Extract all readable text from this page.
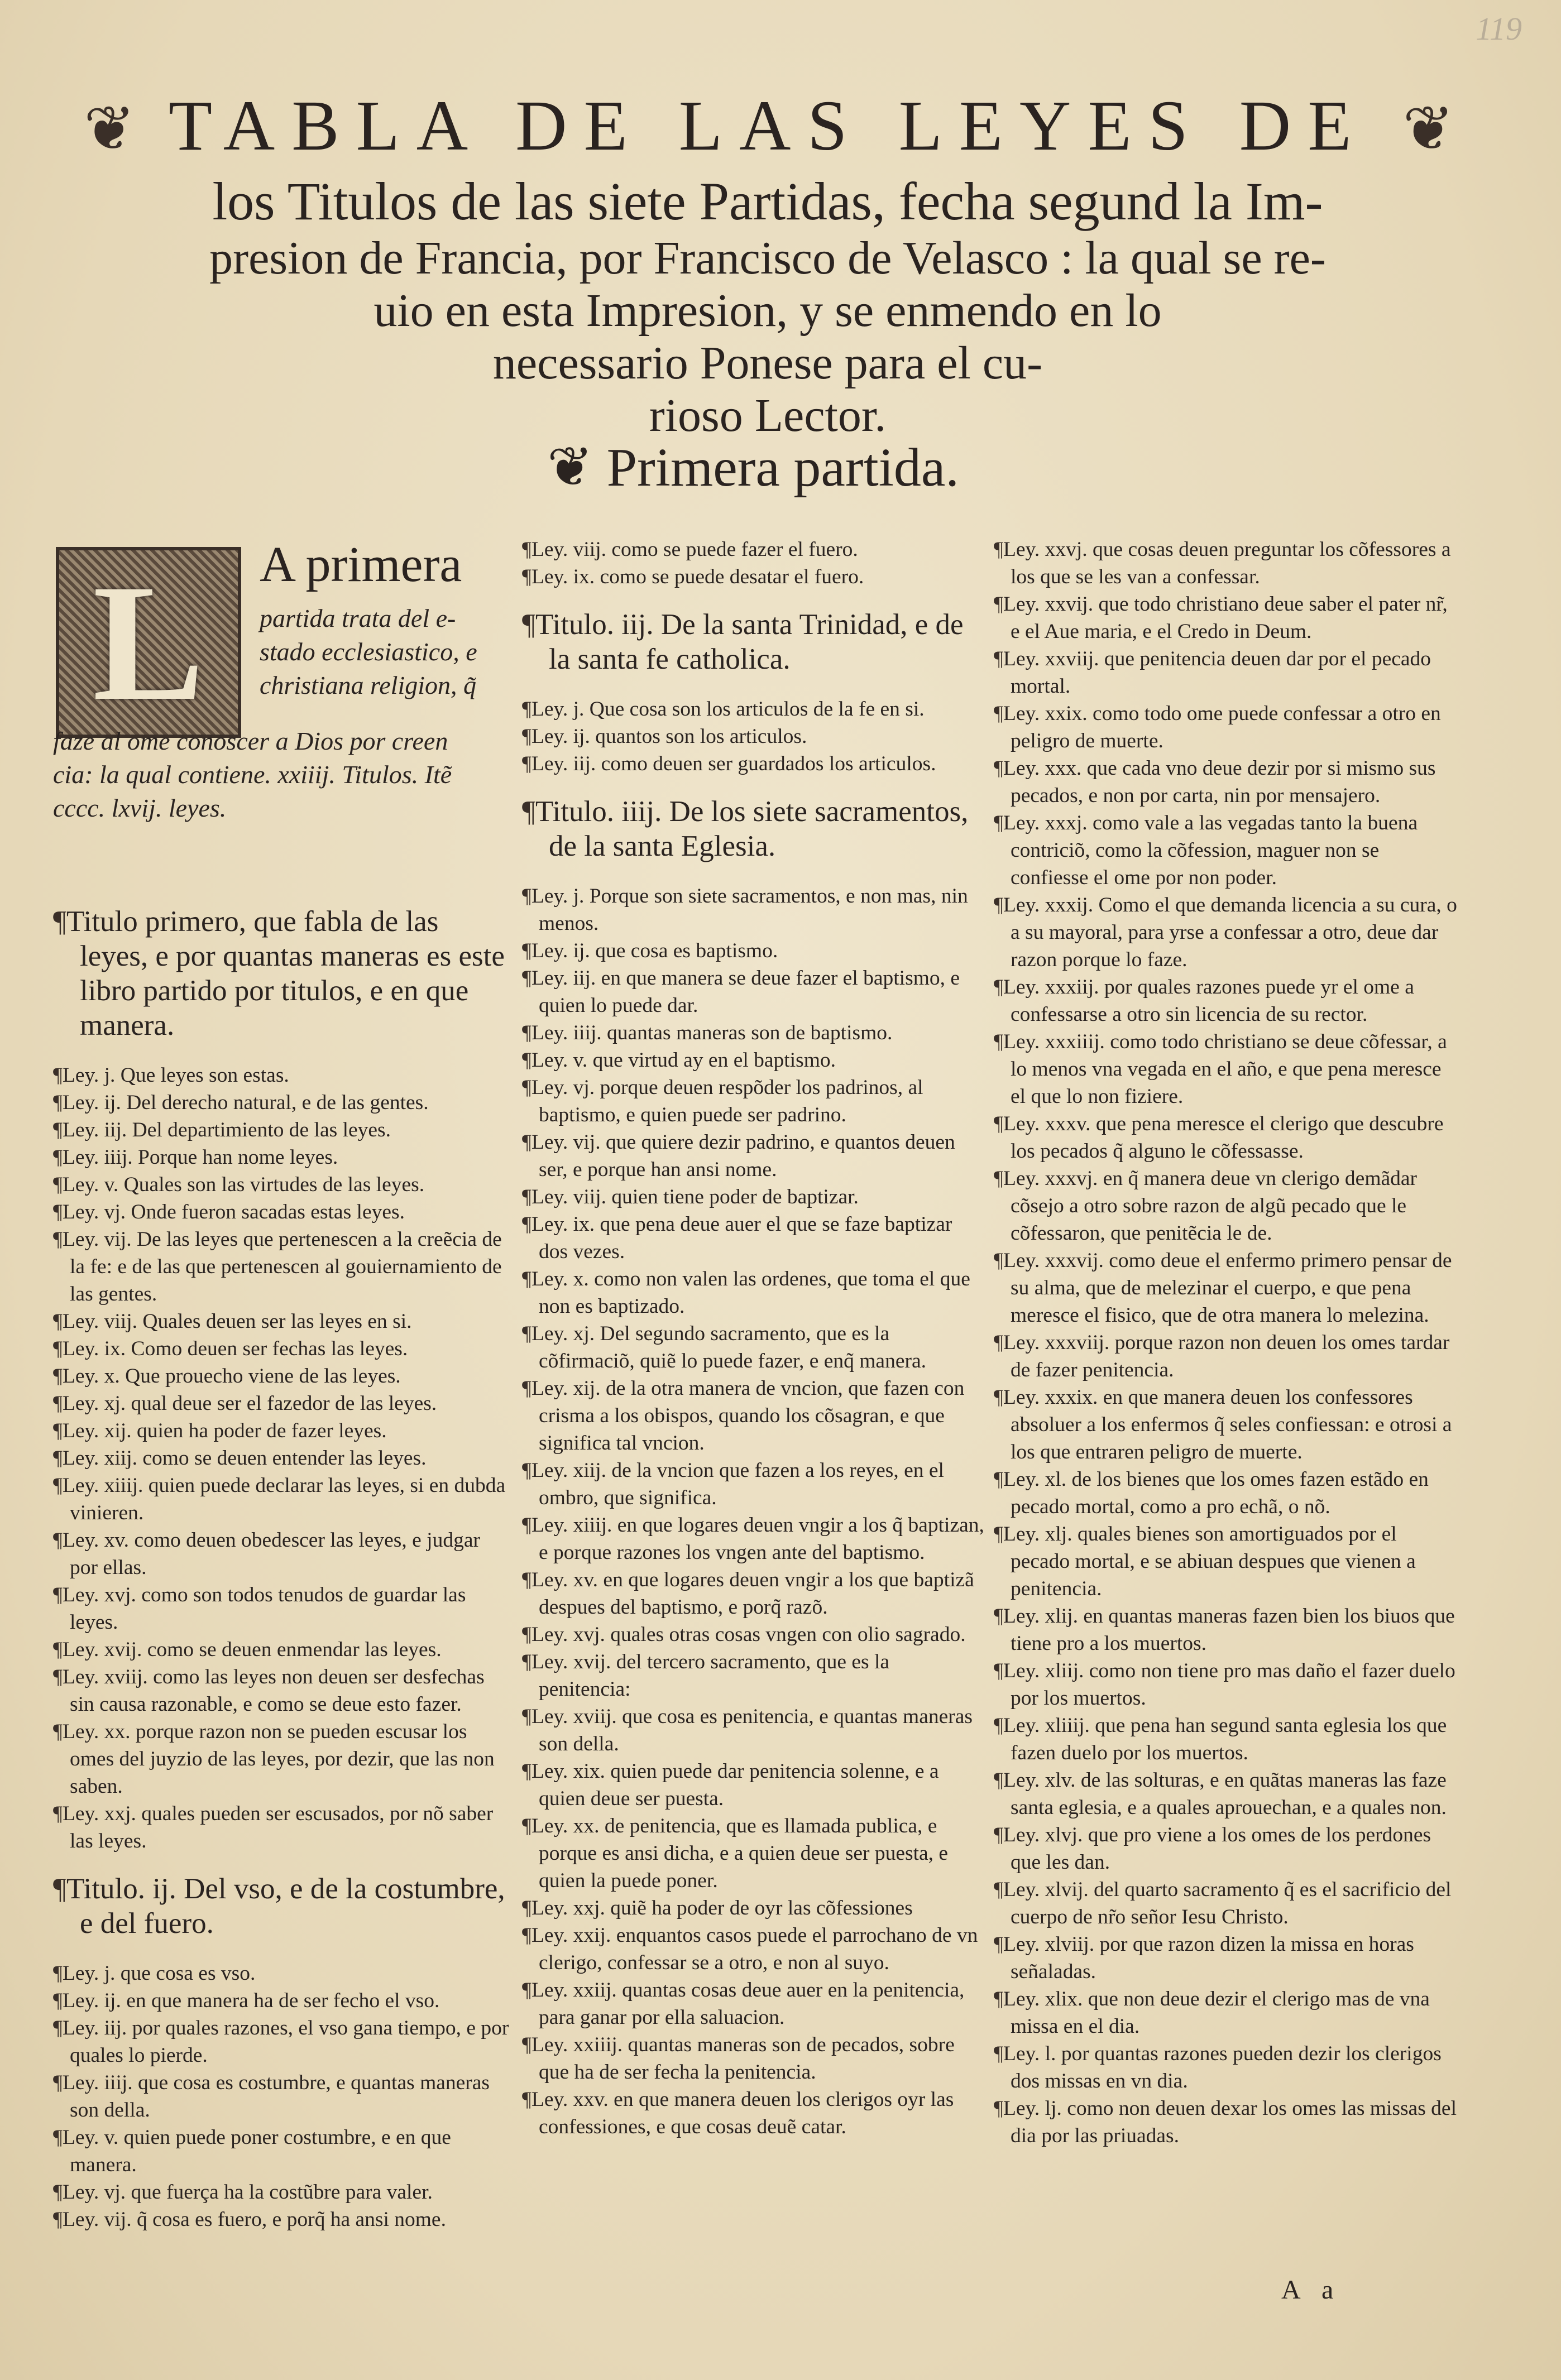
119
❦ TABLA DE LAS LEYES DE ❦
los Titulos de las siete Partidas, fecha segund la Im-
presion de Francia, por Francisco de Velasco : la qual se re-
uio en esta Impresion, y se enmendo en lo
necessario Ponese para el cu-
rioso Lector.
❦ Primera partida.
L A primera
partida trata del e-
stado ecclesiastico, e
christiana religion, q̃
faze al ome conoscer a Dios por creen
cia: la qual contiene. xxiiij. Titulos. Itẽ
cccc. lxvij. leyes.

¶Titulo primero, que fabla de las leyes, e por quantas maneras es este libro partido por titulos, e en que manera.

¶Ley. j. Que leyes son estas.

¶Ley. ij. Del derecho natural, e de las gentes.

¶Ley. iij. Del departimiento de las leyes.

¶Ley. iiij. Porque han nome leyes.

¶Ley. v. Quales son las virtudes de las leyes.

¶Ley. vj. Onde fueron sacadas estas leyes.

¶Ley. vij. De las leyes que pertenescen a la creẽcia de la fe: e de las que pertenescen al gouiernamiento de las gentes.

¶Ley. viij. Quales deuen ser las leyes en si.

¶Ley. ix. Como deuen ser fechas las leyes.

¶Ley. x. Que prouecho viene de las leyes.

¶Ley. xj. qual deue ser el fazedor de las leyes.

¶Ley. xij. quien ha poder de fazer leyes.

¶Ley. xiij. como se deuen entender las leyes.

¶Ley. xiiij. quien puede declarar las leyes, si en dubda vinieren.

¶Ley. xv. como deuen obedescer las leyes, e judgar por ellas.

¶Ley. xvj. como son todos tenudos de guardar las leyes.

¶Ley. xvij. como se deuen enmendar las leyes.

¶Ley. xviij. como las leyes non deuen ser desfechas sin causa razonable, e como se deue esto fazer.

¶Ley. xx. porque razon non se pueden escusar los omes del juyzio de las leyes, por dezir, que las non saben.

¶Ley. xxj. quales pueden ser escusados, por nõ saber las leyes.

¶Titulo. ij. Del vso, e de la costumbre, e del fuero.

¶Ley. j. que cosa es vso.

¶Ley. ij. en que manera ha de ser fecho el vso.

¶Ley. iij. por quales razones, el vso gana tiempo, e por quales lo pierde.

¶Ley. iiij. que cosa es costumbre, e quantas maneras son della.

¶Ley. v. quien puede poner costumbre, e en que manera.

¶Ley. vj. que fuerça ha la costũbre para valer.

¶Ley. vij. q̃ cosa es fuero, e porq̃ ha ansi nome.

¶Ley. viij. como se puede fazer el fuero.

¶Ley. ix. como se puede desatar el fuero.

¶Titulo. iij. De la santa Trinidad, e de la santa fe catholica.

¶Ley. j. Que cosa son los articulos de la fe en si.

¶Ley. ij. quantos son los articulos.

¶Ley. iij. como deuen ser guardados los articulos.

¶Titulo. iiij. De los siete sacramentos, de la santa Eglesia.

¶Ley. j. Porque son siete sacramentos, e non mas, nin menos.

¶Ley. ij. que cosa es baptismo.

¶Ley. iij. en que manera se deue fazer el baptismo, e quien lo puede dar.

¶Ley. iiij. quantas maneras son de baptismo.

¶Ley. v. que virtud ay en el baptismo.

¶Ley. vj. porque deuen respõder los padrinos, al baptismo, e quien puede ser padrino.

¶Ley. vij. que quiere dezir padrino, e quantos deuen ser, e porque han ansi nome.

¶Ley. viij. quien tiene poder de baptizar.

¶Ley. ix. que pena deue auer el que se faze baptizar dos vezes.

¶Ley. x. como non valen las ordenes, que toma el que non es baptizado.

¶Ley. xj. Del segundo sacramento, que es la cõfirmaciõ, quiẽ lo puede fazer, e enq̃ manera.

¶Ley. xij. de la otra manera de vncion, que fazen con crisma a los obispos, quando los cõsagran, e que significa tal vncion.

¶Ley. xiij. de la vncion que fazen a los reyes, en el ombro, que significa.

¶Ley. xiiij. en que logares deuen vngir a los q̃ baptizan, e porque razones los vngen ante del baptismo.

¶Ley. xv. en que logares deuen vngir a los que baptizã despues del baptismo, e porq̃ razõ.

¶Ley. xvj. quales otras cosas vngen con olio sagrado.

¶Ley. xvij. del tercero sacramento, que es la penitencia:

¶Ley. xviij. que cosa es penitencia, e quantas maneras son della.

¶Ley. xix. quien puede dar penitencia solenne, e a quien deue ser puesta.

¶Ley. xx. de penitencia, que es llamada publica, e porque es ansi dicha, e a quien deue ser puesta, e quien la puede poner.

¶Ley. xxj. quiẽ ha poder de oyr las cõfessiones

¶Ley. xxij. enquantos casos puede el parrochano de vn clerigo, confessar se a otro, e non al suyo.

¶Ley. xxiij. quantas cosas deue auer en la penitencia, para ganar por ella saluacion.

¶Ley. xxiiij. quantas maneras son de pecados, sobre que ha de ser fecha la penitencia.

¶Ley. xxv. en que manera deuen los clerigos oyr las confessiones, e que cosas deuẽ catar.

¶Ley. xxvj. que cosas deuen preguntar los cõfessores a los que se les van a confessar.

¶Ley. xxvij. que todo christiano deue saber el pater nr̃, e el Aue maria, e el Credo in Deum.

¶Ley. xxviij. que penitencia deuen dar por el pecado mortal.

¶Ley. xxix. como todo ome puede confessar a otro en peligro de muerte.

¶Ley. xxx. que cada vno deue dezir por si mismo sus pecados, e non por carta, nin por mensajero.

¶Ley. xxxj. como vale a las vegadas tanto la buena contriciõ, como la cõfession, maguer non se confiesse el ome por non poder.

¶Ley. xxxij. Como el que demanda licencia a su cura, o a su mayoral, para yrse a confessar a otro, deue dar razon porque lo faze.

¶Ley. xxxiij. por quales razones puede yr el ome a confessarse a otro sin licencia de su rector.

¶Ley. xxxiiij. como todo christiano se deue cõfessar, a lo menos vna vegada en el año, e que pena meresce el que lo non fiziere.

¶Ley. xxxv. que pena meresce el clerigo que descubre los pecados q̃ alguno le cõfessasse.

¶Ley. xxxvj. en q̃ manera deue vn clerigo demãdar cõsejo a otro sobre razon de algũ pecado que le cõfessaron, que penitẽcia le de.

¶Ley. xxxvij. como deue el enfermo primero pensar de su alma, que de melezinar el cuerpo, e que pena meresce el fisico, que de otra manera lo melezina.

¶Ley. xxxviij. porque razon non deuen los omes tardar de fazer penitencia.

¶Ley. xxxix. en que manera deuen los confessores absoluer a los enfermos q̃ seles confiessan: e otrosi a los que entraren peligro de muerte.

¶Ley. xl. de los bienes que los omes fazen estãdo en pecado mortal, como a pro echã, o nõ.

¶Ley. xlj. quales bienes son amortiguados por el pecado mortal, e se abiuan despues que vienen a penitencia.

¶Ley. xlij. en quantas maneras fazen bien los biuos que tiene pro a los muertos.

¶Ley. xliij. como non tiene pro mas daño el fazer duelo por los muertos.

¶Ley. xliiij. que pena han segund santa eglesia los que fazen duelo por los muertos.

¶Ley. xlv. de las solturas, e en quãtas maneras las faze santa eglesia, e a quales aprouechan, e a quales non.

¶Ley. xlvj. que pro viene a los omes de los perdones que les dan.

¶Ley. xlvij. del quarto sacramento q̃ es el sacrificio del cuerpo de nr̃o señor Iesu Christo.

¶Ley. xlviij. por que razon dizen la missa en horas señaladas.

¶Ley. xlix. que non deue dezir el clerigo mas de vna missa en el dia.

¶Ley. l. por quantas razones pueden dezir los clerigos dos missas en vn dia.

¶Ley. lj. como non deuen dexar los omes las missas del dia por las priuadas.

A a
